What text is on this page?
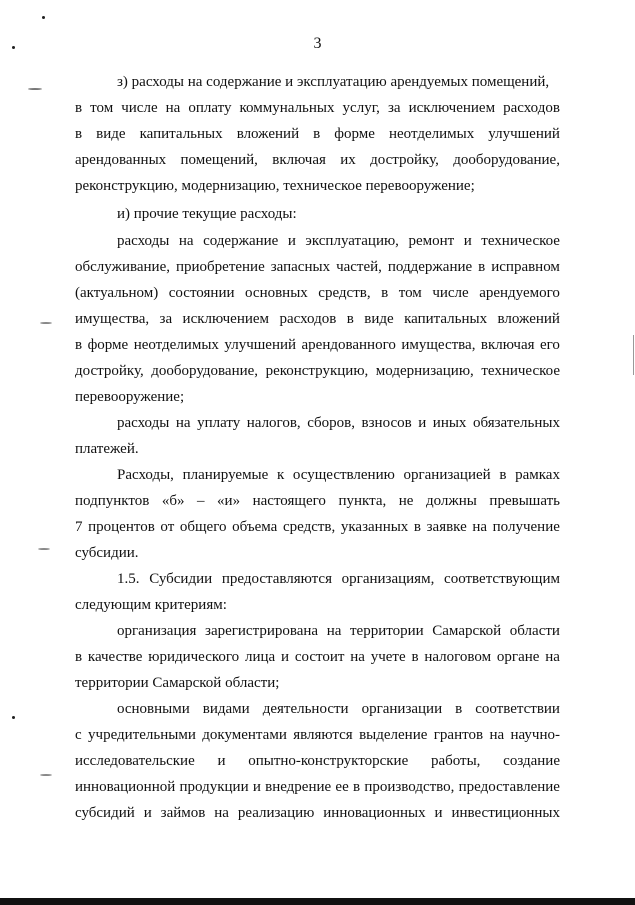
3
з) расходы на содержание и эксплуатацию арендуемых помещений,
в том числе на оплату коммунальных услуг, за исключением расходов
в виде капитальных вложений в форме неотделимых улучшений
арендованных помещений, включая их достройку, дооборудование,
реконструкцию, модернизацию, техническое перевооружение;
и) прочие текущие расходы:
расходы на содержание и эксплуатацию, ремонт и техническое
обслуживание, приобретение запасных частей, поддержание в исправном
(актуальном) состоянии основных средств, в том числе арендуемого
имущества, за исключением расходов в виде капитальных вложений
в форме неотделимых улучшений арендованного имущества, включая его
достройку, дооборудование, реконструкцию, модернизацию, техническое
перевооружение;
расходы на уплату налогов, сборов, взносов и иных обязательных
платежей.
Расходы, планируемые к осуществлению организацией в рамках
подпунктов «б» – «и» настоящего пункта, не должны превышать
7 процентов от общего объема средств, указанных в заявке на получение
субсидии.
1.5. Субсидии предоставляются организациям, соответствующим
следующим критериям:
организация зарегистрирована на территории Самарской области
в качестве юридического лица и состоит на учете в налоговом органе на
территории Самарской области;
основными видами деятельности организации в соответствии
с учредительными документами являются выделение грантов на научно-
исследовательские и опытно-конструкторские работы, создание
инновационной продукции и внедрение ее в производство, предоставление
субсидий и займов на реализацию инновационных и инвестиционных
